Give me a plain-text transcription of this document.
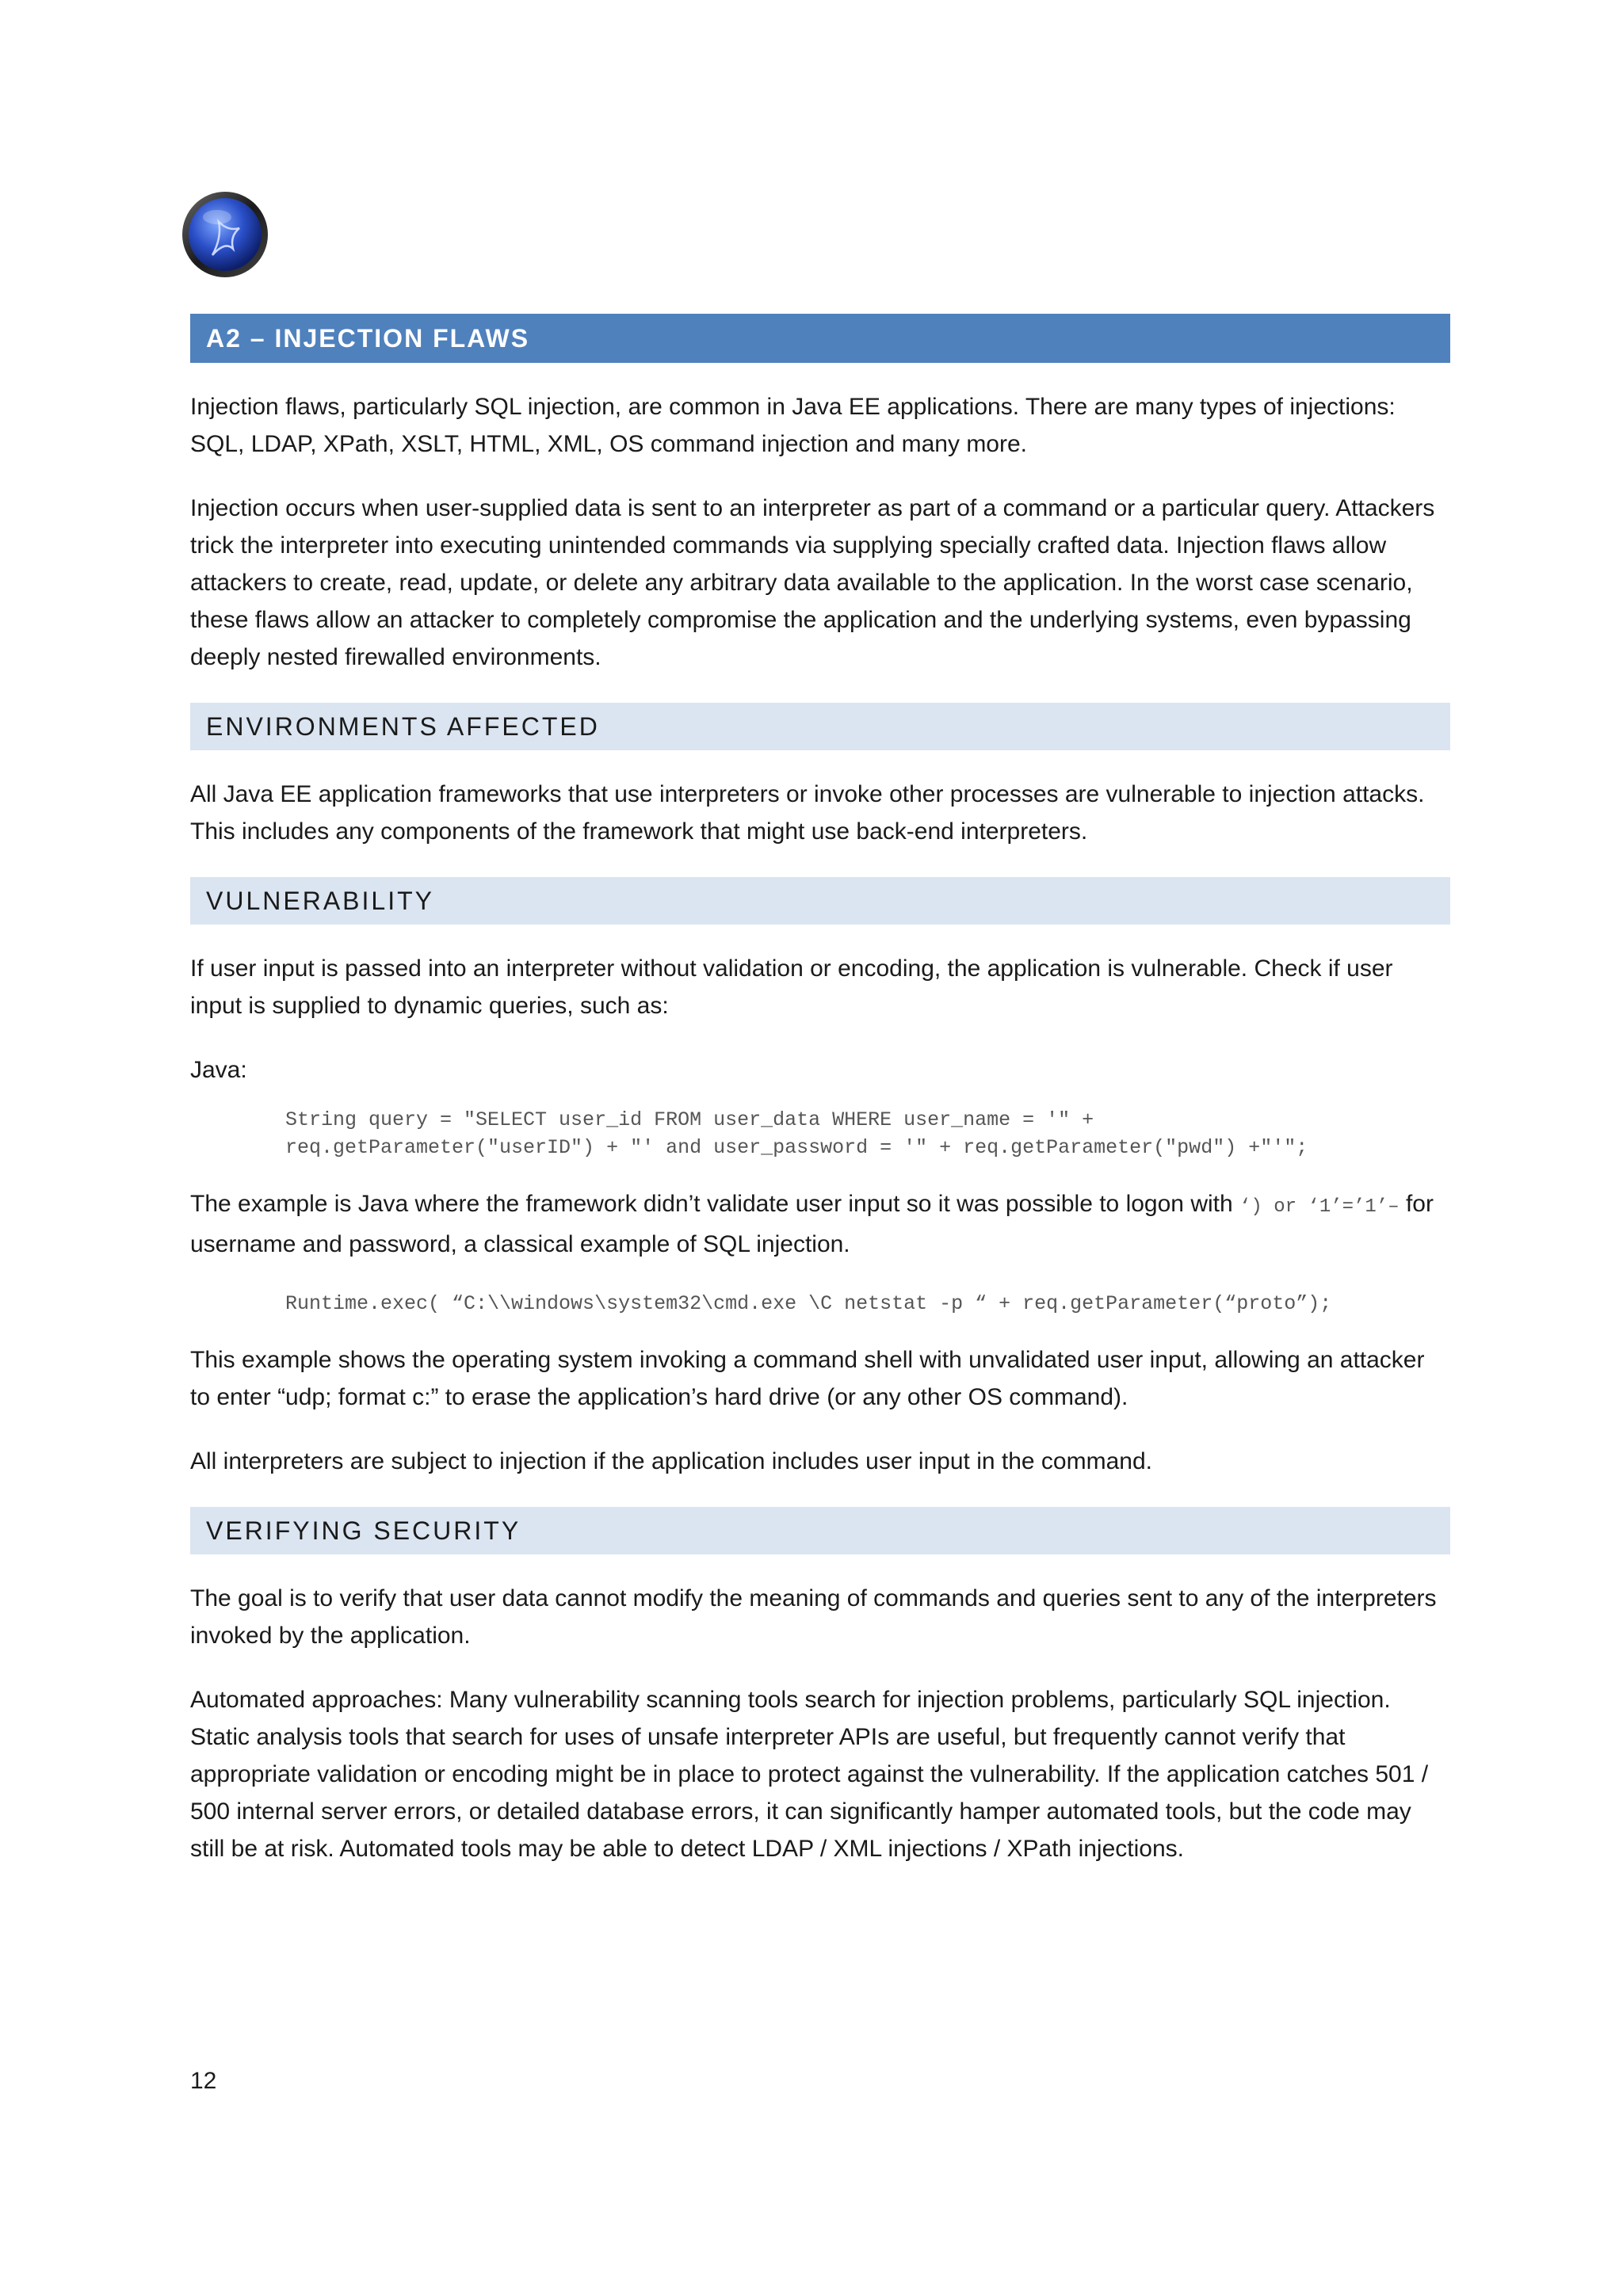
A2 – INJECTION FLAWS

Injection flaws, particularly SQL injection, are common in Java EE applications. There are many types of injections: SQL, LDAP, XPath, XSLT, HTML, XML, OS command injection and many more.

Injection occurs when user-supplied data is sent to an interpreter as part of a command or a particular query. Attackers trick the interpreter into executing unintended commands via supplying specially crafted data. Injection flaws allow attackers to create, read, update, or delete any arbitrary data available to the application. In the worst case scenario, these flaws allow an attacker to completely compromise the application and the underlying systems, even bypassing deeply nested firewalled environments.

ENVIRONMENTS AFFECTED

All Java EE application frameworks that use interpreters or invoke other processes are vulnerable to injection attacks. This includes any components of the framework that might use back-end interpreters.

VULNERABILITY

If user input is passed into an interpreter without validation or encoding, the application is vulnerable. Check if user input is supplied to dynamic queries, such as:

Java:

String query = "SELECT user_id FROM user_data WHERE user_name = '" +
req.getParameter("userID") + "' and user_password = '" + req.getParameter("pwd") +"'";

The example is Java where the framework didn’t validate user input so it was possible to logon with ‘) or ‘1’=’1’– for username and password, a classical example of SQL injection.

Runtime.exec( “C:\\windows\system32\cmd.exe \C netstat -p “ + req.getParameter(“proto”);

This example shows the operating system invoking a command shell with unvalidated user input, allowing an attacker to enter “udp; format c:” to erase the application’s hard drive (or any other OS command).

All interpreters are subject to injection if the application includes user input in the command.

VERIFYING SECURITY

The goal is to verify that user data cannot modify the meaning of commands and queries sent to any of the interpreters invoked by the application.

Automated approaches: Many vulnerability scanning tools search for injection problems, particularly SQL injection. Static analysis tools that search for uses of unsafe interpreter APIs are useful, but frequently cannot verify that appropriate validation or encoding might be in place to protect against the vulnerability. If the application catches 501 / 500 internal server errors, or detailed database errors, it can significantly hamper automated tools, but the code may still be at risk. Automated tools may be able to detect LDAP / XML injections / XPath injections.

12
